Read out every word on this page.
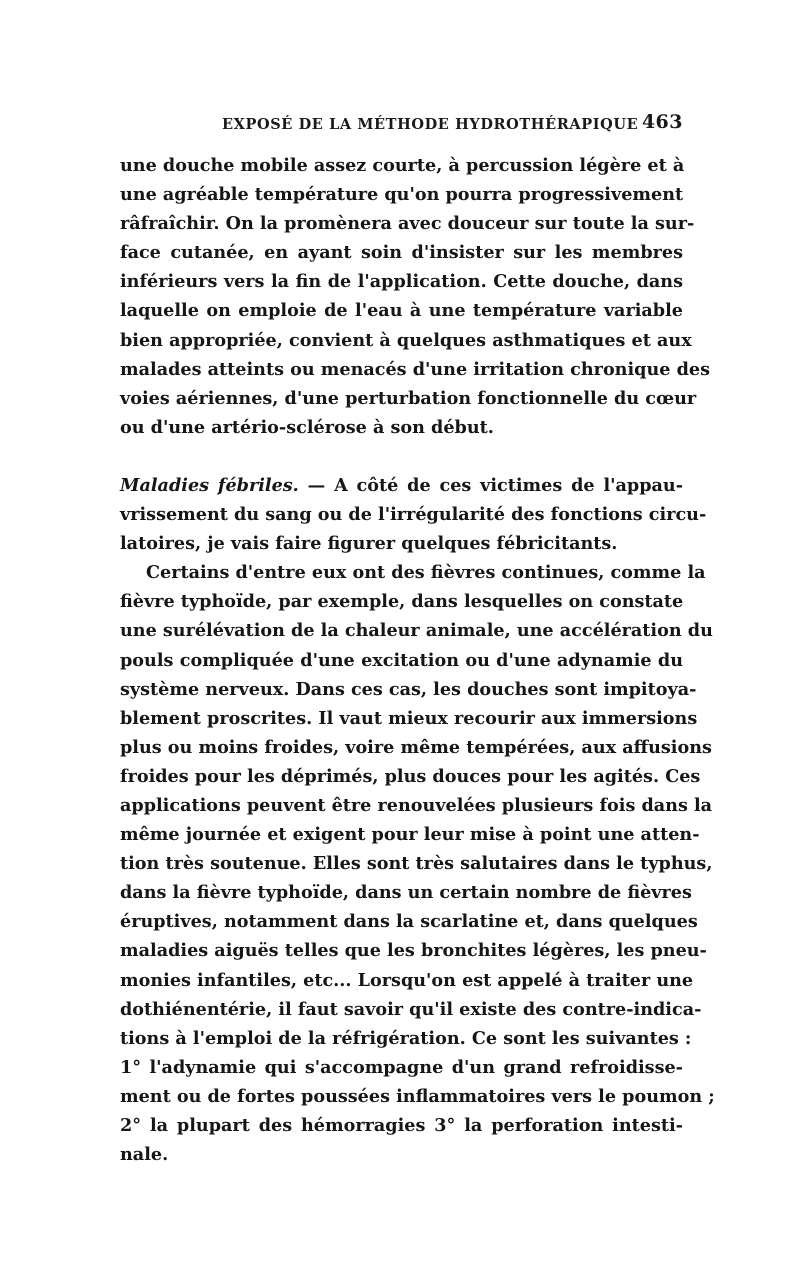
EXPOSÉ DE LA MÉTHODE HYDROTHÉRAPIQUE 463
une douche mobile assez courte, à percussion légère et à
une agréable température qu'on pourra progressivement
râfraîchir. On la promènera avec douceur sur toute la sur-
face cutanée, en ayant soin d'insister sur les membres
inférieurs vers la fin de l'application. Cette douche, dans
laquelle on emploie de l'eau à une température variable
bien appropriée, convient à quelques asthmatiques et aux
malades atteints ou menacés d'une irritation chronique des
voies aériennes, d'une perturbation fonctionnelle du cœur
ou d'une artério-sclérose à son début.
Maladies fébriles. — A côté de ces victimes de l'appau-
vrissement du sang ou de l'irrégularité des fonctions circu-
latoires, je vais faire figurer quelques fébricitants.
Certains d'entre eux ont des fièvres continues, comme la
fièvre typhoïde, par exemple, dans lesquelles on constate
une surélévation de la chaleur animale, une accélération du
pouls compliquée d'une excitation ou d'une adynamie du
système nerveux. Dans ces cas, les douches sont impitoya-
blement proscrites. Il vaut mieux recourir aux immersions
plus ou moins froides, voire même tempérées, aux affusions
froides pour les déprimés, plus douces pour les agités. Ces
applications peuvent être renouvelées plusieurs fois dans la
même journée et exigent pour leur mise à point une atten-
tion très soutenue. Elles sont très salutaires dans le typhus,
dans la fièvre typhoïde, dans un certain nombre de fièvres
éruptives, notamment dans la scarlatine et, dans quelques
maladies aiguës telles que les bronchites légères, les pneu-
monies infantiles, etc... Lorsqu'on est appelé à traiter une
dothiénentérie, il faut savoir qu'il existe des contre-indica-
tions à l'emploi de la réfrigération. Ce sont les suivantes :
1° l'adynamie qui s'accompagne d'un grand refroidisse-
ment ou de fortes poussées inflammatoires vers le poumon ;
2° la plupart des hémorragies 3° la perforation intesti-
nale.
